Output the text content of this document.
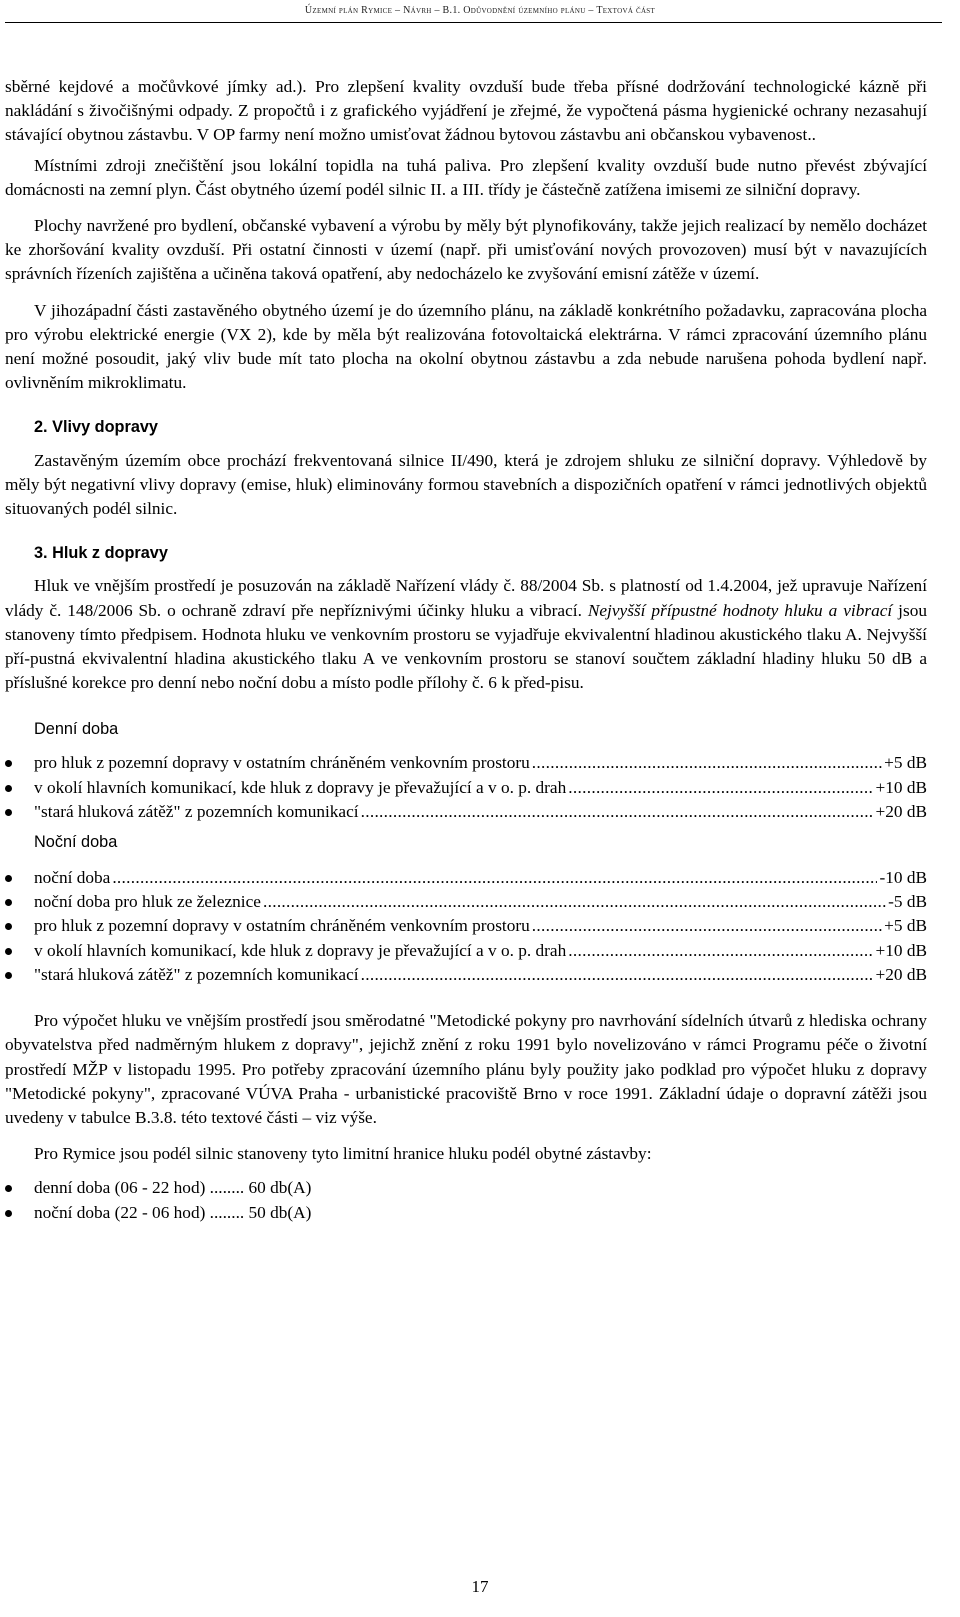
Územní plán Rymice – Návrh – B.1. Odůvodnění územního plánu – Textová část

sběrné kejdové a močůvkové jímky ad.). Pro zlepšení kvality ovzduší bude třeba přísné dodržování technologické kázně při nakládání s živočišnými odpady. Z propočtů i z grafického vyjádření je zřejmé, že vypočtená pásma hygienické ochrany nezasahují stávající obytnou zástavbu. V OP farmy není možno umisťovat žádnou bytovou zástavbu ani občanskou vybavenost..

Místními zdroji znečištění jsou lokální topidla na tuhá paliva. Pro zlepšení kvality ovzduší bude nutno převést zbývající domácnosti na zemní plyn. Část obytného území podél silnic II. a III. třídy je částečně zatížena imisemi ze silniční dopravy.

Plochy navržené pro bydlení, občanské vybavení a výrobu by měly být plynofikovány, takže jejich realizací by nemělo docházet ke zhoršování kvality ovzduší. Při ostatní činnosti v území (např. při umisťování nových provozoven) musí být v navazujících správních řízeních zajištěna a učiněna taková opatření, aby nedocházelo ke zvyšování emisní zátěže v území.

V jihozápadní části zastavěného obytného území je do územního plánu, na základě konkrétního požadavku, zapracována plocha pro výrobu elektrické energie (VX 2), kde by měla být realizována fotovoltaická elektrárna. V rámci zpracování územního plánu není možné posoudit, jaký vliv bude mít tato plocha na okolní obytnou zástavbu a zda nebude narušena pohoda bydlení např. ovlivněním mikroklimatu.

2. Vlivy dopravy

Zastavěným územím obce prochází frekventovaná silnice II/490, která je zdrojem shluku ze silniční dopravy. Výhledově by měly být negativní vlivy dopravy (emise, hluk) eliminovány formou stavebních a dispozičních opatření v rámci jednotlivých objektů situovaných podél silnic.

3. Hluk z dopravy

Hluk ve vnějším prostředí je posuzován na základě Nařízení vlády č. 88/2004 Sb. s platností od 1.4.2004, jež upravuje Nařízení vlády č. 148/2006 Sb. o ochraně zdraví pře nepříznivými účinky hluku a vibrací. Nejvyšší přípustné hodnoty hluku a vibrací jsou stanoveny tímto předpisem. Hodnota hluku ve venkovním prostoru se vyjadřuje ekvivalentní hladinou akustického tlaku A. Nejvyšší pří-pustná ekvivalentní hladina akustického tlaku A ve venkovním prostoru se stanoví součtem základní hladiny hluku 50 dB a příslušné korekce pro denní nebo noční dobu a místo podle přílohy č. 6 k před-pisu.

Denní doba
pro hluk z pozemní dopravy v ostatním chráněném venkovním prostoru .....	+5 dB
v okolí hlavních komunikací, kde hluk z dopravy je převažující a v o. p. drah .....	+10 dB
"stará hluková zátěž" z pozemních komunikací .....	+20 dB
Noční doba
noční doba .....	-10 dB
noční doba pro hluk ze železnice .....	-5 dB
pro hluk z pozemní dopravy v ostatním chráněném venkovním prostoru .....	+5 dB
v okolí hlavních komunikací, kde hluk z dopravy je převažující a v o. p. drah .....	+10 dB
"stará hluková zátěž" z pozemních komunikací .....	+20 dB

Pro výpočet hluku ve vnějším prostředí jsou směrodatné "Metodické pokyny pro navrhování sídelních útvarů z hlediska ochrany obyvatelstva před nadměrným hlukem z dopravy", jejichž znění z roku 1991 bylo novelizováno v rámci Programu péče o životní prostředí MŽP v listopadu 1995. Pro potřeby zpracování územního plánu byly použity jako podklad pro výpočet hluku z dopravy "Metodické pokyny", zpracované VÚVA Praha - urbanistické pracoviště Brno v roce 1991. Základní údaje o dopravní zátěži jsou uvedeny v tabulce B.3.8. této textové části – viz výše.

Pro Rymice jsou podél silnic stanoveny tyto limitní hranice hluku podél obytné zástavby:

denní doba (06 - 22 hod) ........ 60 db(A)
noční doba (22 - 06 hod) ........ 50 db(A)
17
